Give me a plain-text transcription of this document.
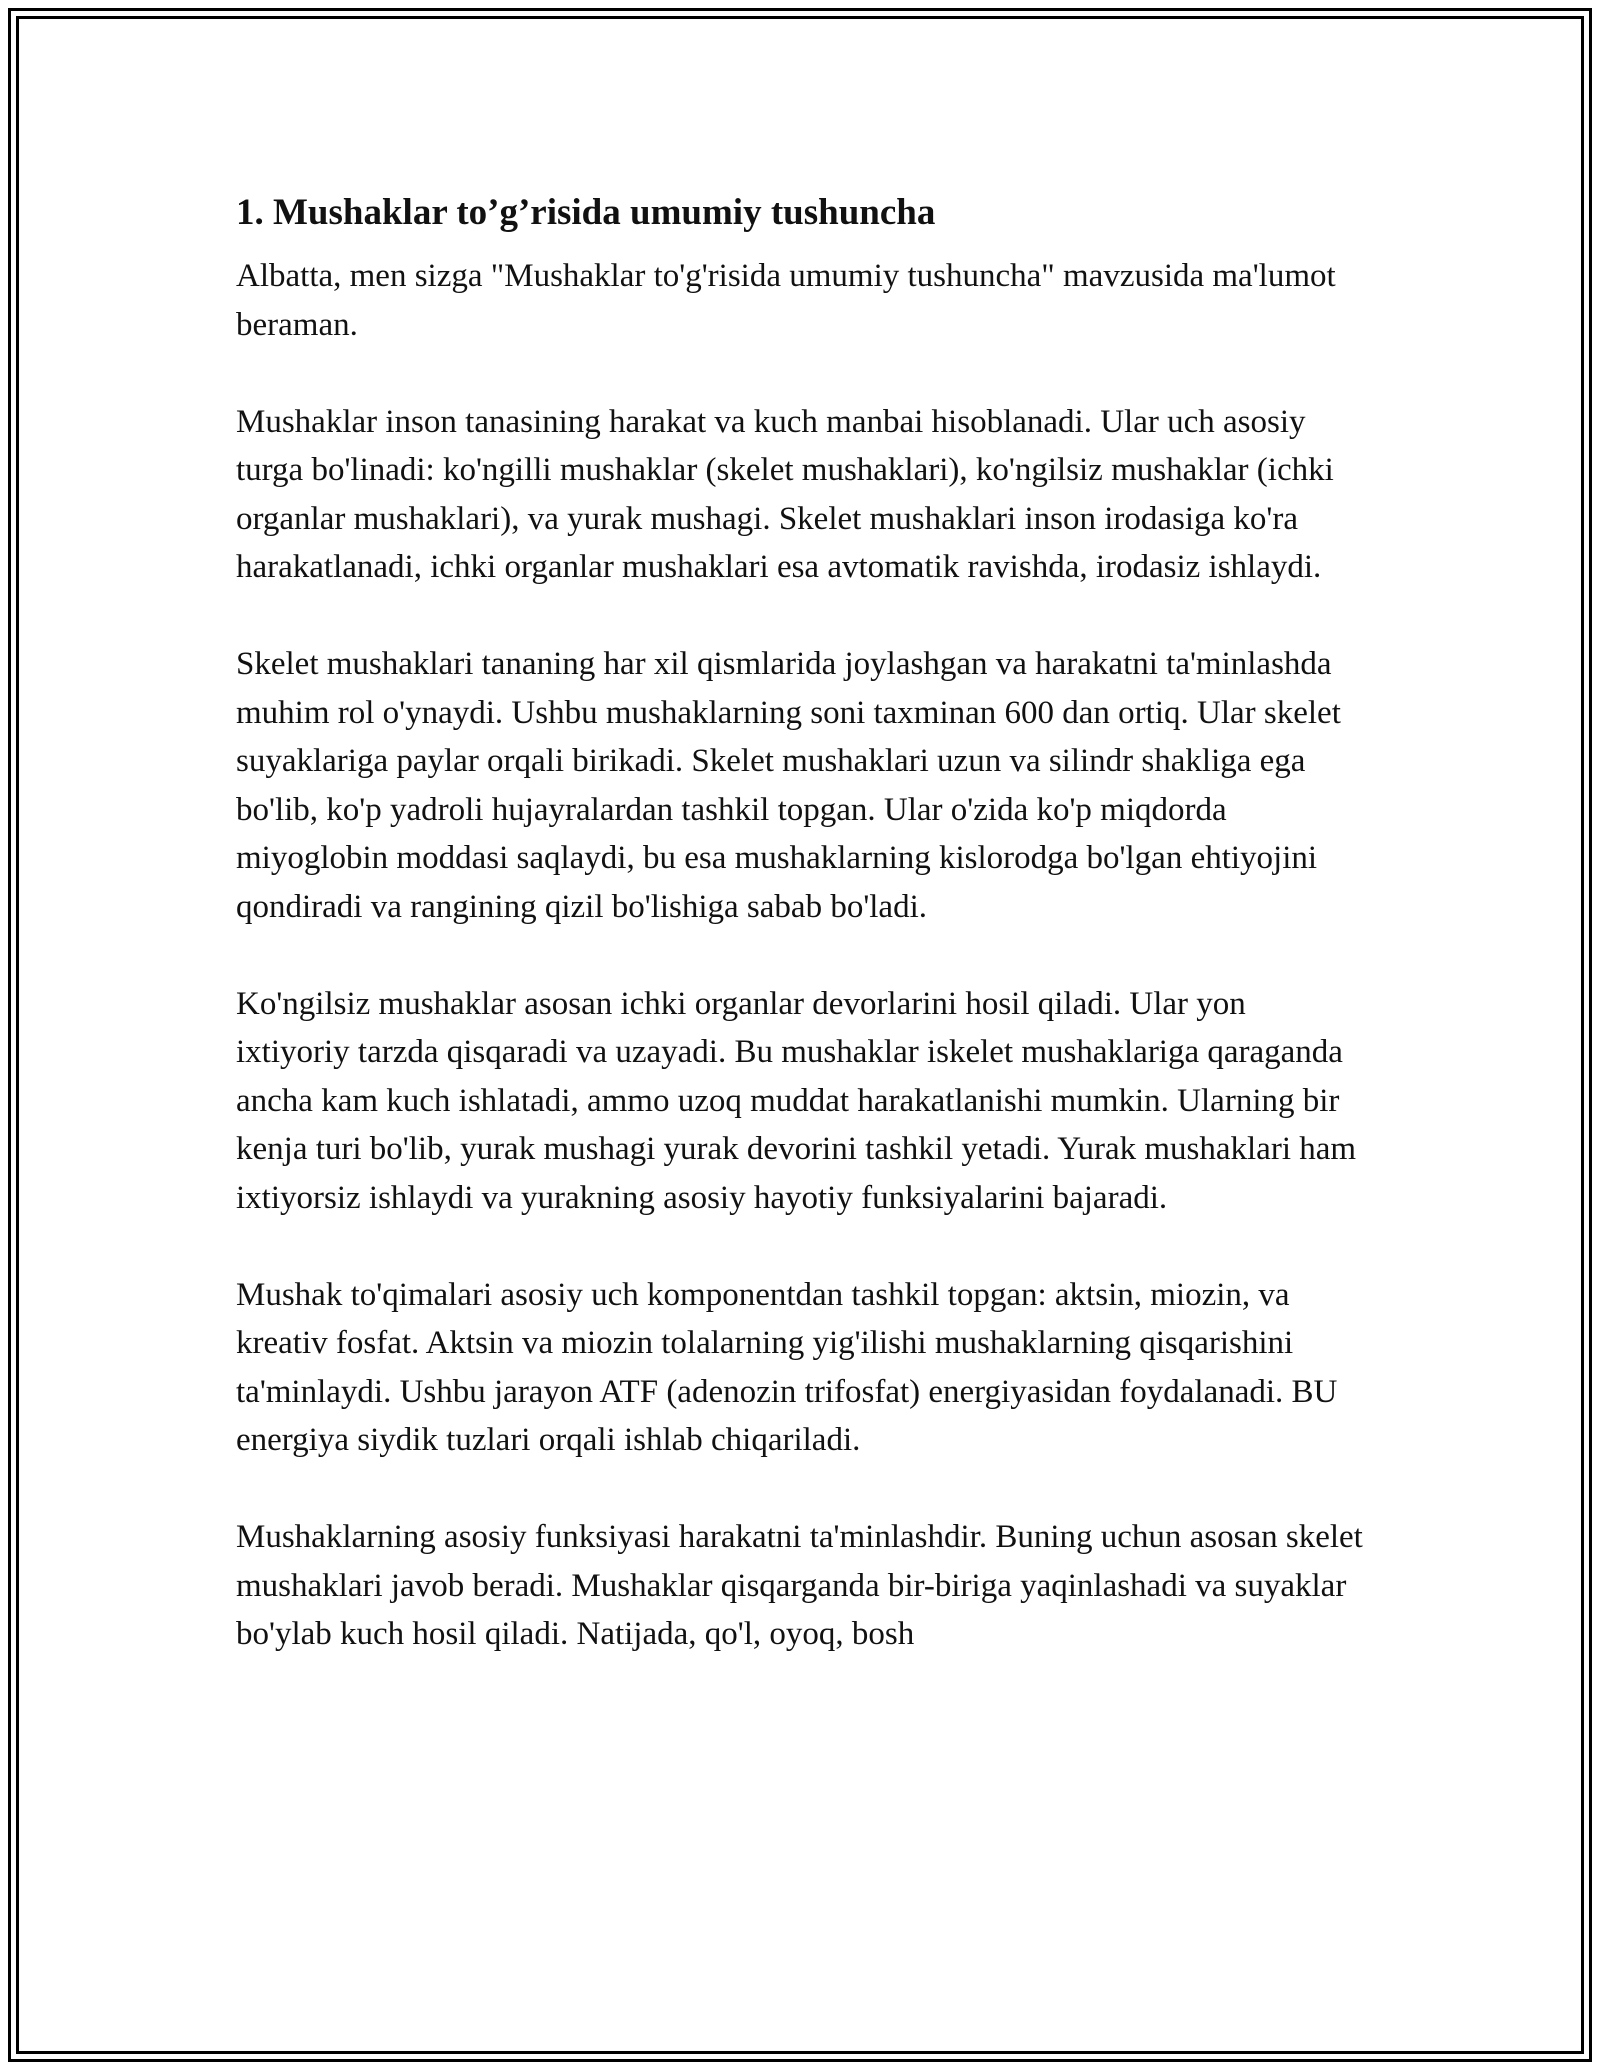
1. Mushaklar to’g’risida umumiy tushuncha

Albatta, men sizga "Mushaklar to'g'risida umumiy tushuncha" mavzusida ma'lumot beraman.

Mushaklar inson tanasining harakat va kuch manbai hisoblanadi. Ular uch asosiy turga bo'linadi: ko'ngilli mushaklar (skelet mushaklari), ko'ngilsiz mushaklar (ichki organlar mushaklari), va yurak mushagi. Skelet mushaklari inson irodasiga ko'ra harakatlanadi, ichki organlar mushaklari esa avtomatik ravishda, irodasiz ishlaydi.

Skelet mushaklari tananing har xil qismlarida joylashgan va harakatni ta'minlashda muhim rol o'ynaydi. Ushbu mushaklarning soni taxminan 600 dan ortiq. Ular skelet suyaklariga paylar orqali birikadi. Skelet mushaklari uzun va silindr shakliga ega bo'lib, ko'p yadroli hujayralardan tashkil topgan. Ular o'zida ko'p miqdorda miyoglobin moddasi saqlaydi, bu esa mushaklarning kislorodga bo'lgan ehtiyojini qondiradi va rangining qizil bo'lishiga sabab bo'ladi.

Ko'ngilsiz mushaklar asosan ichki organlar devorlarini hosil qiladi. Ular yon ixtiyoriy tarzda qisqaradi va uzayadi. Bu mushaklar iskelet mushaklariga qaraganda ancha kam kuch ishlatadi, ammo uzoq muddat harakatlanishi mumkin. Ularning bir kenja turi bo'lib, yurak mushagi yurak devorini tashkil yetadi. Yurak mushaklari ham ixtiyorsiz ishlaydi va yurakning asosiy hayotiy funksiyalarini bajaradi.

Mushak to'qimalari asosiy uch komponentdan tashkil topgan: aktsin, miozin, va kreativ fosfat. Aktsin va miozin tolalarning yig'ilishi mushaklarning qisqarishini ta'minlaydi. Ushbu jarayon ATF (adenozin trifosfat) energiyasidan foydalanadi. BU energiya siydik tuzlari orqali ishlab chiqariladi.

Mushaklarning asosiy funksiyasi harakatni ta'minlashdir. Buning uchun asosan skelet mushaklari javob beradi. Mushaklar qisqarganda bir-biriga yaqinlashadi va suyaklar bo'ylab kuch hosil qiladi. Natijada, qo'l, oyoq, bosh
